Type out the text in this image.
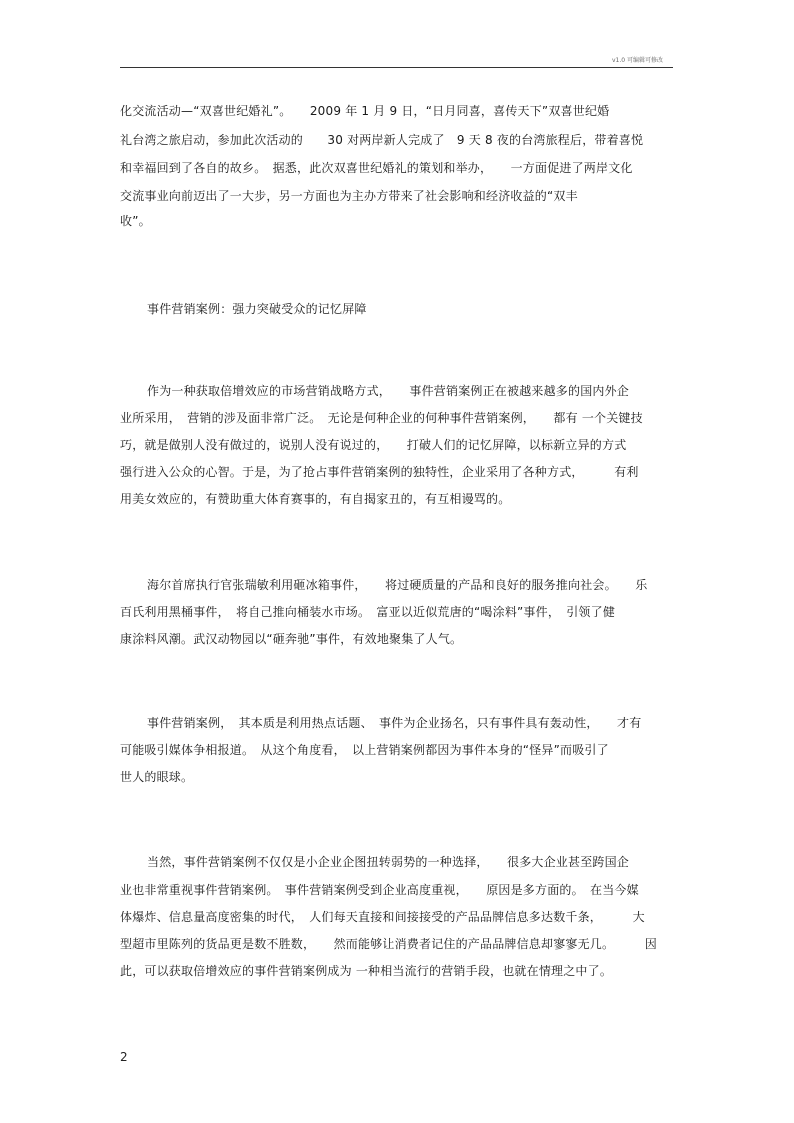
v1.0 可编辑可修改
化交流活动—“双喜世纪婚礼”。　　2009 年 1 月 9 日，“日月同喜，喜传天下”双喜世纪婚
礼台湾之旅启动，参加此次活动的　　30 对两岸新人完成了　9 天 8 夜的台湾旅程后，带着喜悦
和幸福回到了各自的故乡。　据悉，此次双喜世纪婚礼的策划和举办，　　一方面促进了两岸文化
交流事业向前迈出了一大步，另一方面也为主办方带来了社会影响和经济收益的“双丰
收”。
事件营销案例：强力突破受众的记忆屏障
作为一种获取倍增效应的市场营销战略方式，　　事件营销案例正在被越来越多的国内外企
业所采用，　营销的涉及面非常广泛。　无论是何种企业的何种事件营销案例，　　都有 一个关键技
巧，就是做别人没有做过的，说别人没有说过的，　　打破人们的记忆屏障，以标新立异的方式
强行进入公众的心智。于是，为了抢占事件营销案例的独特性，企业采用了各种方式，　　　有利
用美女效应的，有赞助重大体育赛事的，有自揭家丑的，有互相谩骂的。
海尔首席执行官张瑞敏利用砸冰箱事件，　　将过硬质量的产品和良好的服务推向社会。　　乐
百氏利用黑桶事件，　将自己推向桶装水市场。　富亚以近似荒唐的“喝涂料”事件，　引领了健
康涂料风潮。武汉动物园以“砸奔驰”事件，有效地聚集了人气。
事件营销案例，　其本质是利用热点话题、　事件为企业扬名，只有事件具有轰动性，　　才有
可能吸引媒体争相报道。　从这个角度看，　以上营销案例都因为事件本身的“怪异”而吸引了
世人的眼球。
当然，事件营销案例不仅仅是小企业企图扭转弱势的一种选择，　　很多大企业甚至跨国企
业也非常重视事件营销案例。　事件营销案例受到企业高度重视，　　原因是多方面的。　在当今媒
体爆炸、信息量高度密集的时代，　人们每天直接和间接接受的产品品牌信息多达数千条，　　　大
型超市里陈列的货品更是数不胜数，　　然而能够让消费者记住的产品品牌信息却寥寥无几。　　　因
此，可以获取倍增效应的事件营销案例成为 一种相当流行的营销手段，也就在情理之中了。
2
